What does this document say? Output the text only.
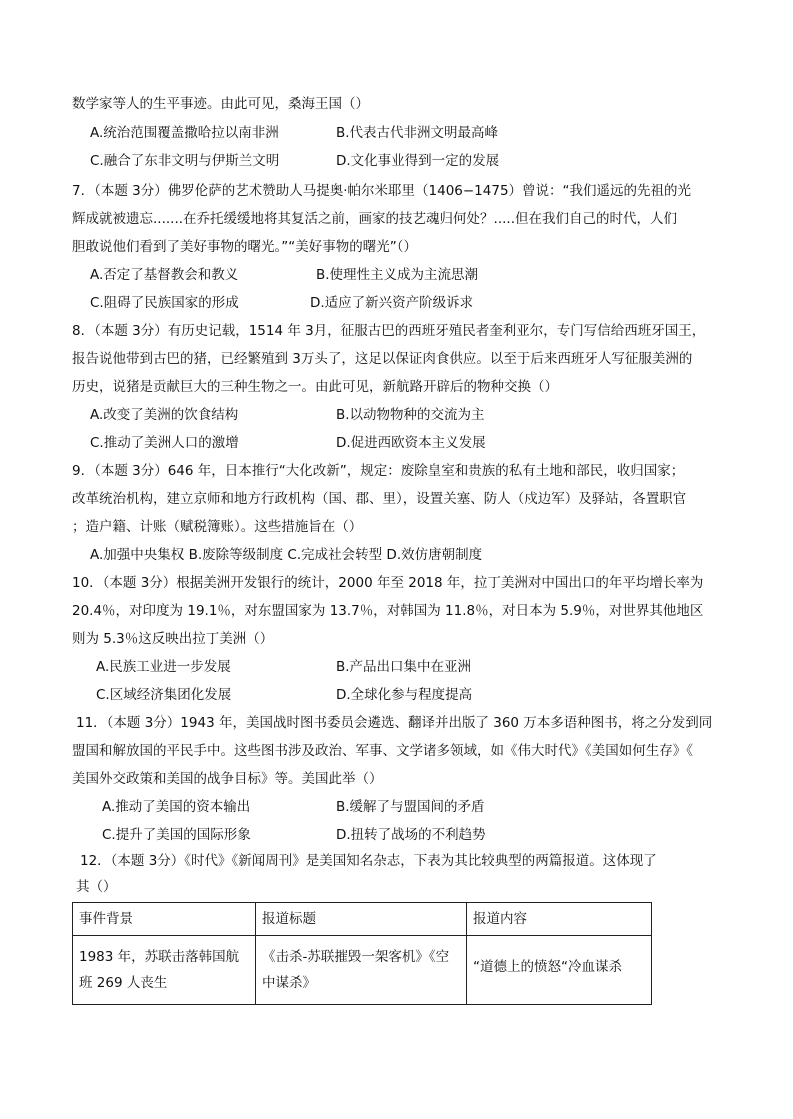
数学家等人的生平事迹。由此可见，桑海王国（）
A.统治范围覆盖撒哈拉以南非洲	B.代表古代非洲文明最高峰
C.融合了东非文明与伊斯兰文明	D.文化事业得到一定的发展
7．（本题 3分）佛罗伦萨的艺术赞助人马提奥·帕尔米耶里（1406−1475）曾说：“我们遥远的先祖的光
辉成就被遗忘.......在乔托缓缓地将其复活之前，画家的技艺魂归何处？.....但在我们自己的时代，人们
胆敢说他们看到了美好事物的曙光。”“美好事物的曙光”（）
A.否定了基督教会和教义	B.使理性主义成为主流思潮
C.阻碍了民族国家的形成	D.适应了新兴资产阶级诉求
8．（本题 3分）有历史记载，1514 年 3月，征服古巴的西班牙殖民者奎利亚尔，专门写信给西班牙国王，
报告说他带到古巴的猪，已经繁殖到 3万头了，这足以保证肉食供应。以至于后来西班牙人写征服美洲的
历史，说猪是贡献巨大的三种生物之一。由此可见，新航路开辟后的物种交换（）
A.改变了美洲的饮食结构	B.以动物物种的交流为主
C.推动了美洲人口的激增	D.促进西欧资本主义发展
9．（本题 3分）646 年，日本推行“大化改新”，规定：废除皇室和贵族的私有土地和部民，收归国家；
改革统治机构，建立京师和地方行政机构（国、郡、里），设置关塞、防人（戍边军）及驿站，各置职官
；造户籍、计账（赋税簿账）。这些措施旨在（）
A.加强中央集权 B.废除等级制度 C.完成社会转型 D.效仿唐朝制度
10．（本题 3分）根据美洲开发银行的统计，2000 年至 2018 年，拉丁美洲对中国出口的年平均增长率为
20.4％，对印度为 19.1％，对东盟国家为 13.7％，对韩国为 11.8％，对日本为 5.9％，对世界其他地区
则为 5.3％这反映出拉丁美洲（）
A.民族工业进一步发展	B.产品出口集中在亚洲
C.区域经济集团化发展	D.全球化参与程度提高
11．（本题 3分）1943 年，美国战时图书委员会遴选、翻译并出版了 360 万本多语种图书，将之分发到同
盟国和解放国的平民手中。这些图书涉及政治、军事、文学诸多领域，如《伟大时代》《美国如何生存》《
美国外交政策和美国的战争目标》等。美国此举（）
A.推动了美国的资本输出	B.缓解了与盟国间的矛盾
C.提升了美国的国际形象	D.扭转了战场的不利趋势
12．（本题 3分）《时代》《新闻周刊》是美国知名杂志，下表为其比较典型的两篇报道。这体现了
其（）
事件背景	报道标题	报道内容
1983 年，苏联击落韩国航班 269 人丧生	《击杀-苏联摧毁一架客机》《空中谋杀》	“道德上的愤怒“冷血谋杀
